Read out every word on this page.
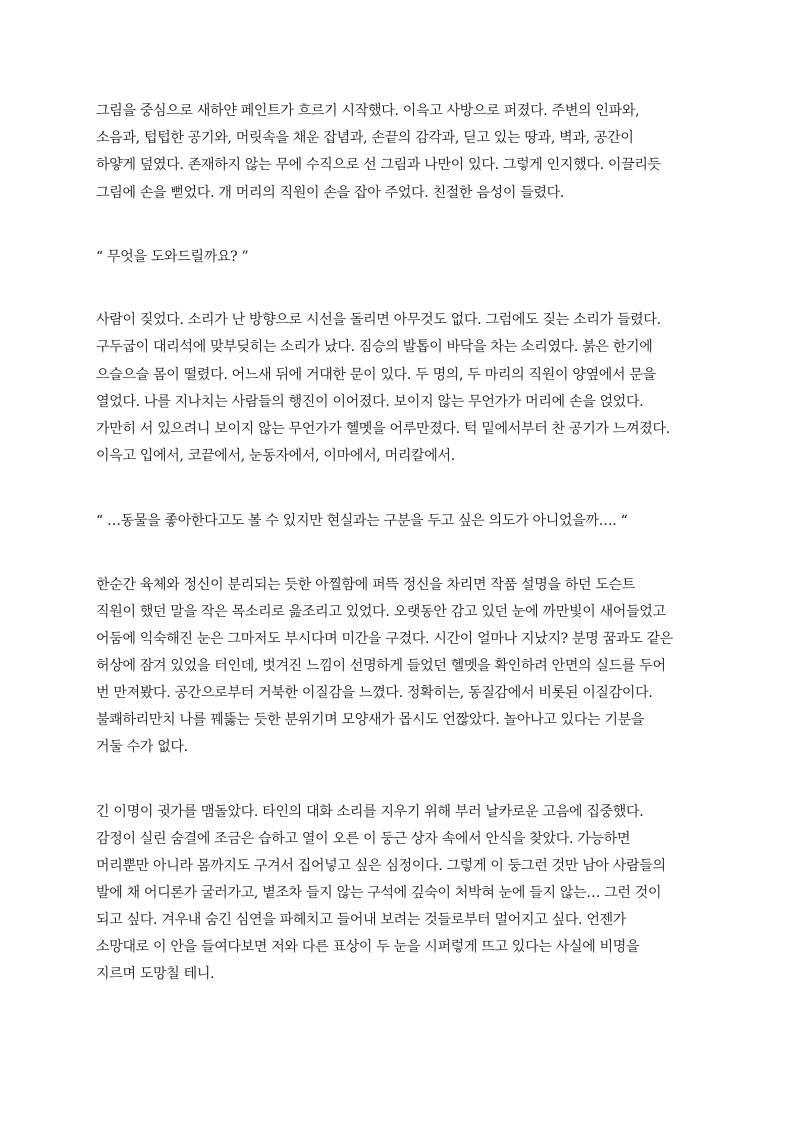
그림을 중심으로 새하얀 페인트가 흐르기 시작했다. 이윽고 사방으로 퍼졌다. 주변의 인파와,
소음과, 텁텁한 공기와, 머릿속을 채운 잡념과, 손끝의 감각과, 딛고 있는 땅과, 벽과, 공간이
하얗게 덮였다. 존재하지 않는 무에 수직으로 선 그림과 나만이 있다. 그렇게 인지했다. 이끌리듯
그림에 손을 뻗었다. 개 머리의 직원이 손을 잡아 주었다. 친절한 음성이 들렸다.
“ 무엇을 도와드릴까요? ”
사람이 짖었다. 소리가 난 방향으로 시선을 돌리면 아무것도 없다. 그럼에도 짖는 소리가 들렸다.
구두굽이 대리석에 맞부딪히는 소리가 났다. 짐승의 발톱이 바닥을 차는 소리였다. 붉은 한기에
으슬으슬 몸이 떨렸다. 어느새 뒤에 거대한 문이 있다. 두 명의, 두 마리의 직원이 양옆에서 문을
열었다. 나를 지나치는 사람들의 행진이 이어졌다. 보이지 않는 무언가가 머리에 손을 얹었다.
가만히 서 있으려니 보이지 않는 무언가가 헬멧을 어루만졌다. 턱 밑에서부터 찬 공기가 느껴졌다.
이윽고 입에서, 코끝에서, 눈동자에서, 이마에서, 머리칼에서.
“ …동물을 좋아한다고도 볼 수 있지만 현실과는 구분을 두고 싶은 의도가 아니었을까…. “
한순간 육체와 정신이 분리되는 듯한 아찔함에 퍼뜩 정신을 차리면 작품 설명을 하던 도슨트
직원이 했던 말을 작은 목소리로 읊조리고 있었다. 오랫동안 감고 있던 눈에 까만빛이 새어들었고
어둠에 익숙해진 눈은 그마저도 부시다며 미간을 구겼다. 시간이 얼마나 지났지? 분명 꿈과도 같은
허상에 잠겨 있었을 터인데, 벗겨진 느낌이 선명하게 들었던 헬멧을 확인하려 안면의 실드를 두어
번 만져봤다. 공간으로부터 거북한 이질감을 느꼈다. 정확히는, 동질감에서 비롯된 이질감이다.
불쾌하리만치 나를 꿰뚫는 듯한 분위기며 모양새가 몹시도 언짢았다. 놀아나고 있다는 기분을
거둘 수가 없다.
긴 이명이 귓가를 맴돌았다. 타인의 대화 소리를 지우기 위해 부러 날카로운 고음에 집중했다.
감정이 실린 숨결에 조금은 습하고 열이 오른 이 둥근 상자 속에서 안식을 찾았다. 가능하면
머리뿐만 아니라 몸까지도 구겨서 집어넣고 싶은 심정이다. 그렇게 이 둥그런 것만 남아 사람들의
발에 채 어디론가 굴러가고, 볕조차 들지 않는 구석에 깊숙이 처박혀 눈에 들지 않는… 그런 것이
되고 싶다. 겨우내 숨긴 심연을 파헤치고 들어내 보려는 것들로부터 멀어지고 싶다. 언젠가
소망대로 이 안을 들여다보면 저와 다른 표상이 두 눈을 시퍼렇게 뜨고 있다는 사실에 비명을
지르며 도망칠 테니.
